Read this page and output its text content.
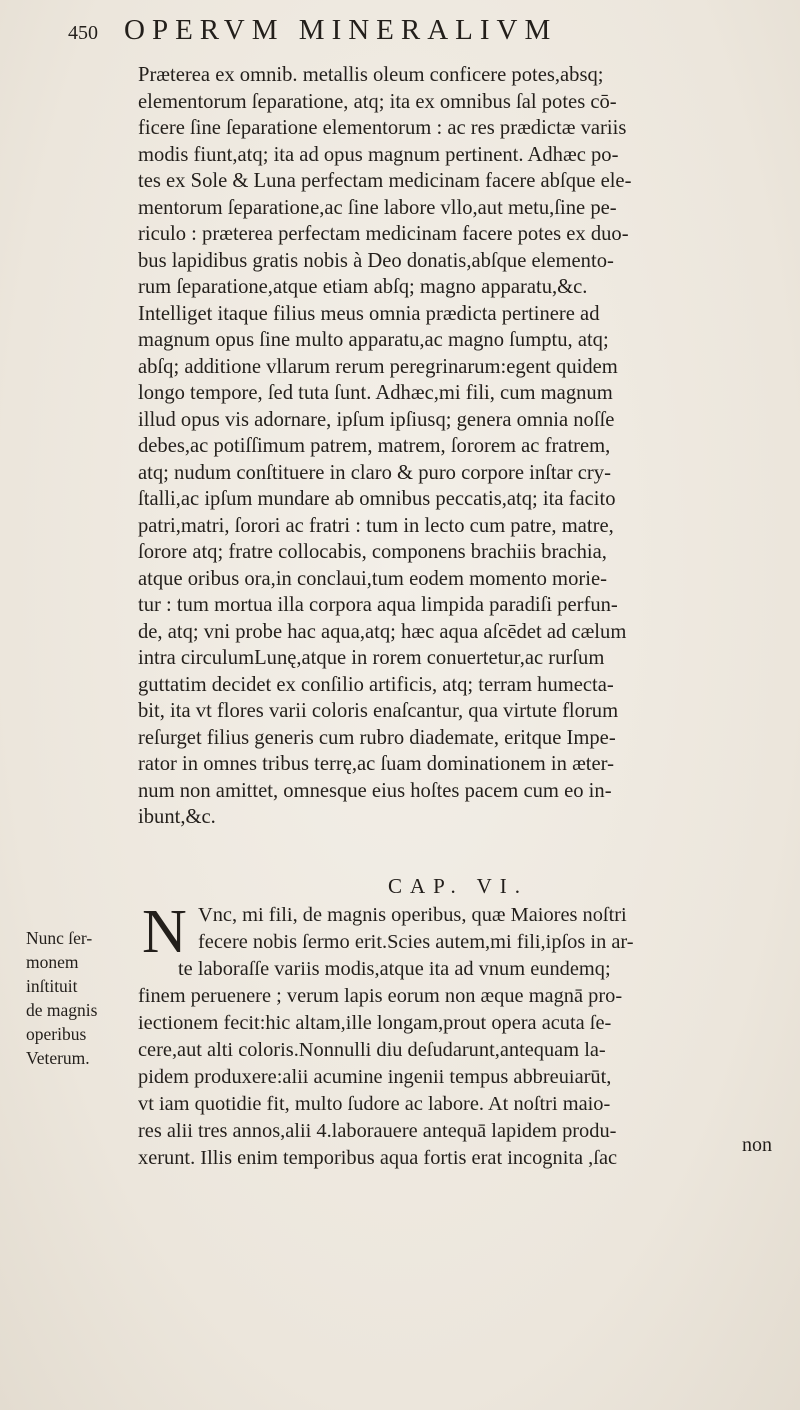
450 OPERVM MINERALIVM
Præterea ex omnib. metallis oleum conficere potes,absq;
elementorum ſeparatione, atq; ita ex omnibus ſal potes cō-
ficere ſine ſeparatione elementorum : ac res prædictæ variis
modis fiunt,atq; ita ad opus magnum pertinent. Adhæc po-
tes ex Sole & Luna perfectam medicinam facere abſque ele-
mentorum ſeparatione,ac ſine labore vllo,aut metu,ſine pe-
riculo : præterea perfectam medicinam facere potes ex duo-
bus lapidibus gratis nobis à Deo donatis,abſque elemento-
rum ſeparatione,atque etiam abſq; magno apparatu,&c.
Intelliget itaque filius meus omnia prædicta pertinere ad
magnum opus ſine multo apparatu,ac magno ſumptu, atq;
abſq; additione vllarum rerum peregrinarum:egent quidem
longo tempore, ſed tuta ſunt. Adhæc,mi fili, cum magnum
illud opus vis adornare, ipſum ipſiusq; genera omnia noſſe
debes,ac potiſſimum patrem, matrem, ſororem ac fratrem,
atq; nudum conſtituere in claro & puro corpore inſtar cry-
ſtalli,ac ipſum mundare ab omnibus peccatis,atq; ita facito
patri,matri, ſorori ac fratri : tum in lecto cum patre, matre,
ſorore atq; fratre collocabis, componens brachiis brachia,
atque oribus ora,in conclaui,tum eodem momento morie-
tur : tum mortua illa corpora aqua limpida paradiſi perfun-
de, atq; vni probe hac aqua,atq; hæc aqua aſcēdet ad cælum
intra circulumLunę,atque in rorem conuertetur,ac rurſum
guttatim decidet ex conſilio artificis, atq; terram humecta-
bit, ita vt flores varii coloris enaſcantur, qua virtute florum
reſurget filius generis cum rubro diademate, eritque Impe-
rator in omnes tribus terrę,ac ſuam dominationem in æter-
num non amittet, omnesque eius hoſtes pacem cum eo in-
ibunt,&c.
CAP. VI.
Nunc ſer-
monem
inſtituit
de magnis
operibus
Veterum.
N Vnc, mi fili, de magnis operibus, quæ Maiores noſtri
fecere nobis ſermo erit.Scies autem,mi fili,ipſos in ar-
te laboraſſe variis modis,atque ita ad vnum eundemq;
finem peruenere ; verum lapis eorum non æque magnā pro-
iectionem fecit:hic altam,ille longam,prout opera acuta ſe-
cere,aut alti coloris.Nonnulli diu deſudarunt,antequam la-
pidem produxere:alii acumine ingenii tempus abbreuiarūt,
vt iam quotidie fit, multo ſudore ac labore. At noſtri maio-
res alii tres annos,alii 4.laborauere antequā lapidem produ-
xerunt. Illis enim temporibus aqua fortis erat incognita ,ſac
non
